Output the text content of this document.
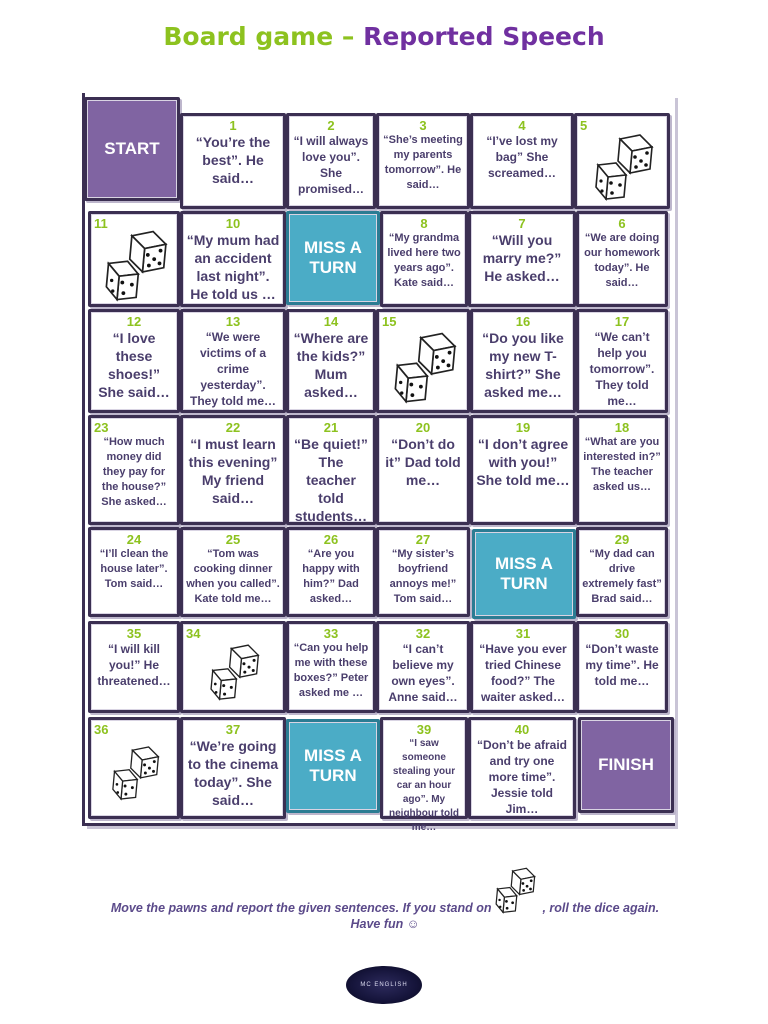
Board game – Reported Speech
START
1
“You’re the best”. He said…
2
“I will always love you”. She promised…
3
“She’s meeting my parents tomorrow”. He said…
4
“I’ve lost my bag” She screamed…
5
11	10
“My mum had an accident last night”. He told us …
MISS A TURN
8
“My grandma lived here two years ago”. Kate said…
7
“Will you marry me?” He asked…
6
“We are doing our homework today”. He said…
12
“I love these shoes!” She said…
13
“We were victims of a crime yesterday”. They told me…
14
“Where are the kids?” Mum asked…
15	16
“Do you like my new T-shirt?” She asked me…
17
“We can’t help you tomorrow”. They told me…
23
“How much money did they pay for the house?” She asked…
22
“I must learn this evening” My friend said…
21
“Be quiet!” The teacher told students…
20
“Don’t do it” Dad told me…
19
“I don’t agree with you!” She told me…
18
“What are you interested in?” The teacher asked us…
24
“I’ll clean the house later”. Tom said…
25
“Tom was cooking dinner when you called”. Kate told me…
26
“Are you happy with him?” Dad asked…
27
“My sister’s boyfriend annoys me!” Tom said…
MISS A TURN
29
“My dad can drive extremely fast” Brad said…
35
“I will kill you!” He threatened…
34	33
“Can you help me with these boxes?” Peter asked me …
32
“I can’t believe my own eyes”. Anne said…
31
“Have you ever tried Chinese food?” The waiter asked…
30
“Don’t waste my time”. He told me…
36	37
“We’re going to the cinema today”. She said…
MISS A TURN
39
“I saw someone stealing your car an hour ago”. My neighbour told me…
40
“Don’t be afraid and try one more time”. Jessie told Jim…
FINISH
Move the pawns and report the given sentences. If you stand on	, roll the dice again.
Have fun ☺
MC ENGLISH
